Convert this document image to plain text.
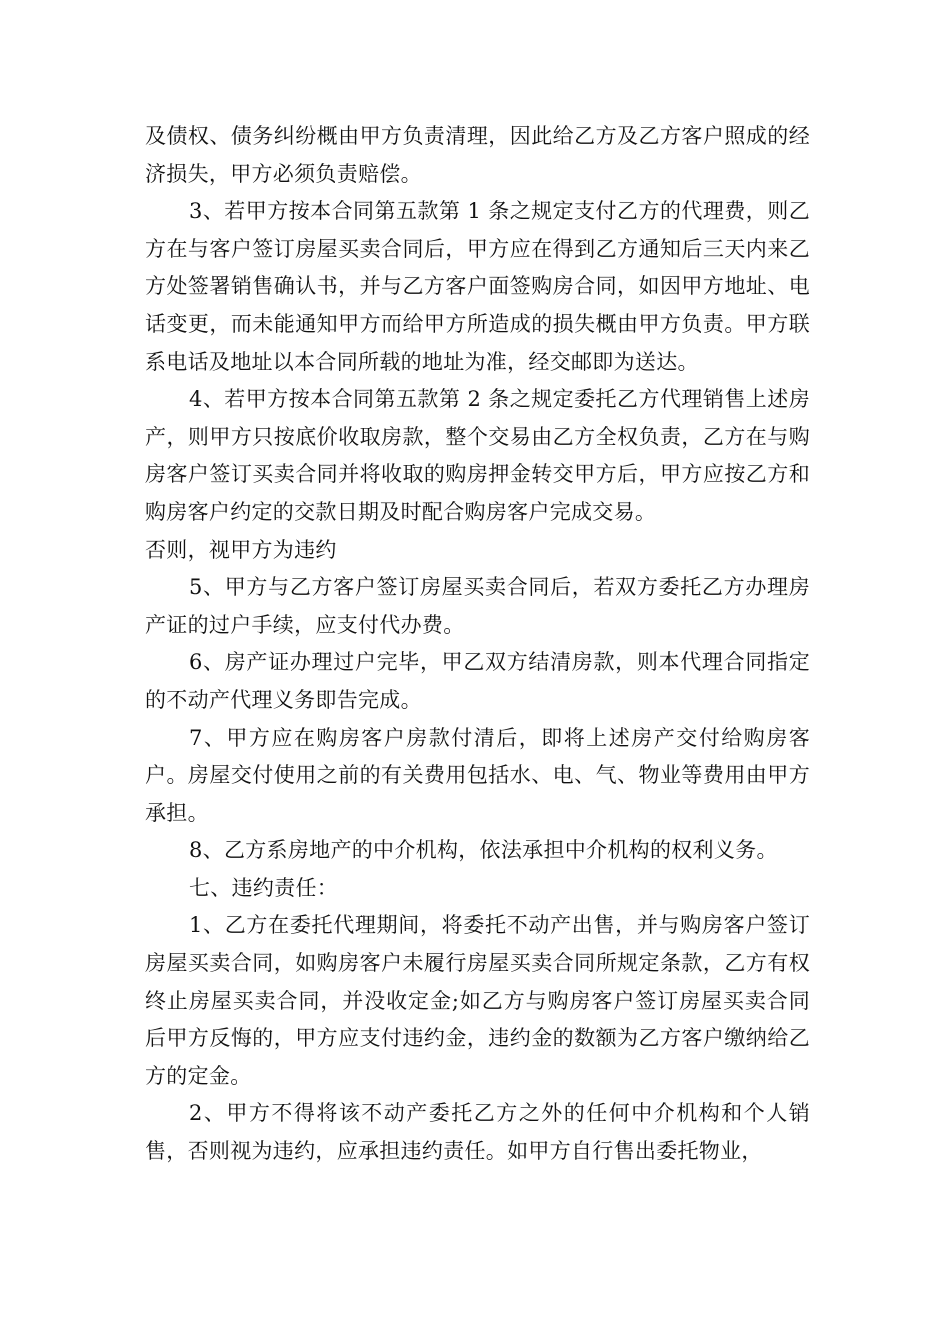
及债权、债务纠纷概由甲方负责清理，因此给乙方及乙方客户照成的经济损失，甲方必须负责赔偿。

3、若甲方按本合同第五款第 1 条之规定支付乙方的代理费，则乙方在与客户签订房屋买卖合同后，甲方应在得到乙方通知后三天内来乙方处签署销售确认书，并与乙方客户面签购房合同，如因甲方地址、电话变更，而未能通知甲方而给甲方所造成的损失概由甲方负责。甲方联系电话及地址以本合同所载的地址为准，经交邮即为送达。

4、若甲方按本合同第五款第 2 条之规定委托乙方代理销售上述房产，则甲方只按底价收取房款，整个交易由乙方全权负责，乙方在与购房客户签订买卖合同并将收取的购房押金转交甲方后，甲方应按乙方和购房客户约定的交款日期及时配合购房客户完成交易。

否则，视甲方为违约

5、甲方与乙方客户签订房屋买卖合同后，若双方委托乙方办理房产证的过户手续，应支付代办费。

6、房产证办理过户完毕，甲乙双方结清房款，则本代理合同指定的不动产代理义务即告完成。

7、甲方应在购房客户房款付清后，即将上述房产交付给购房客户。房屋交付使用之前的有关费用包括水、电、气、物业等费用由甲方承担。

8、乙方系房地产的中介机构，依法承担中介机构的权利义务。

七、违约责任：

1、乙方在委托代理期间，将委托不动产出售，并与购房客户签订房屋买卖合同，如购房客户未履行房屋买卖合同所规定条款，乙方有权终止房屋买卖合同，并没收定金;如乙方与购房客户签订房屋买卖合同后甲方反悔的，甲方应支付违约金，违约金的数额为乙方客户缴纳给乙方的定金。

2、甲方不得将该不动产委托乙方之外的任何中介机构和个人销售，否则视为违约，应承担违约责任。如甲方自行售出委托物业，
